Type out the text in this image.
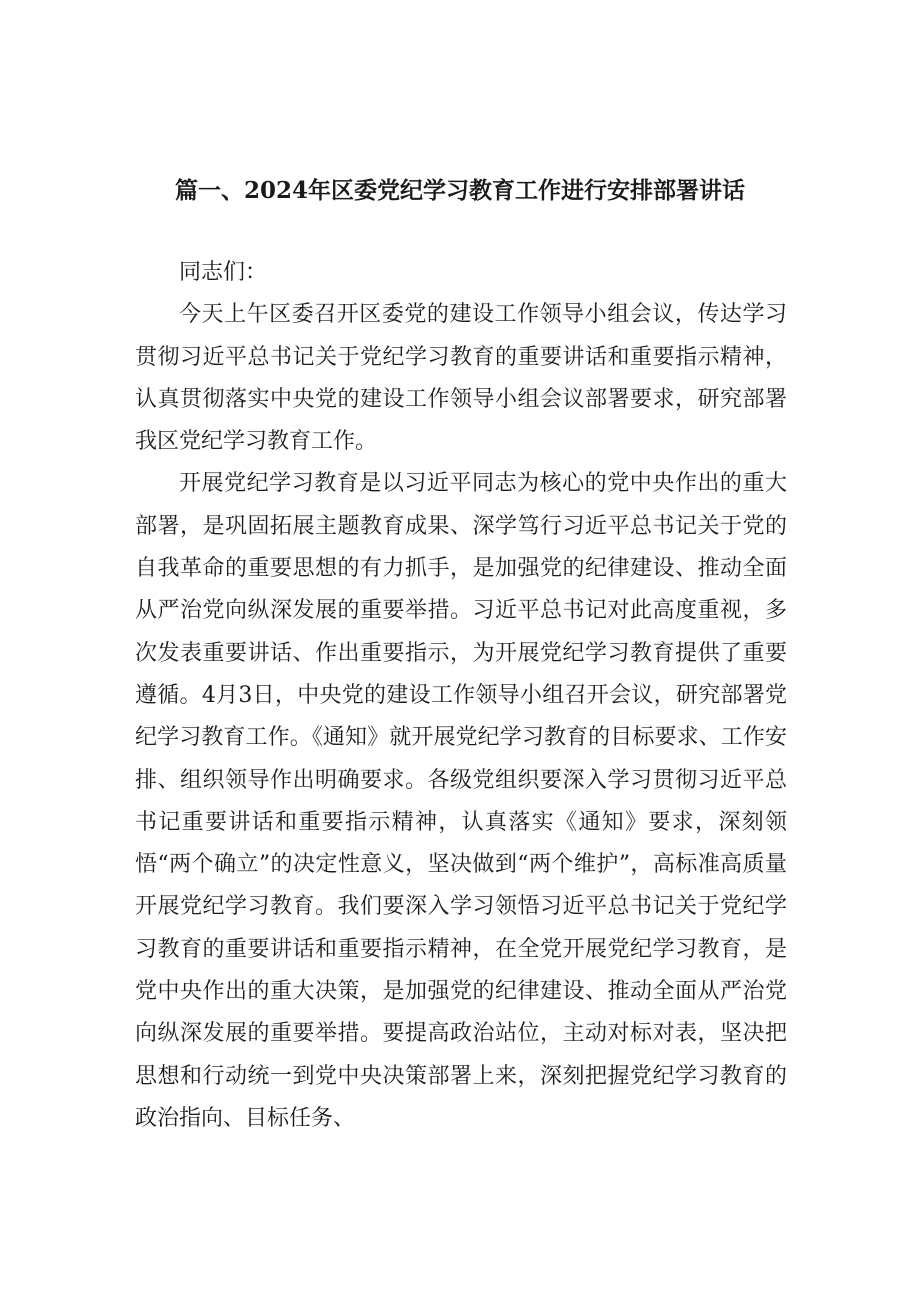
篇一、2024年区委党纪学习教育工作进行安排部署讲话

同志们：

今天上午区委召开区委党的建设工作领导小组会议，传达学习贯彻习近平总书记关于党纪学习教育的重要讲话和重要指示精神，认真贯彻落实中央党的建设工作领导小组会议部署要求，研究部署我区党纪学习教育工作。

开展党纪学习教育是以习近平同志为核心的党中央作出的重大部署，是巩固拓展主题教育成果、深学笃行习近平总书记关于党的自我革命的重要思想的有力抓手，是加强党的纪律建设、推动全面从严治党向纵深发展的重要举措。习近平总书记对此高度重视，多次发表重要讲话、作出重要指示，为开展党纪学习教育提供了重要遵循。4月3日，中央党的建设工作领导小组召开会议，研究部署党纪学习教育工作。《通知》就开展党纪学习教育的目标要求、工作安排、组织领导作出明确要求。各级党组织要深入学习贯彻习近平总书记重要讲话和重要指示精神，认真落实《通知》要求，深刻领悟“两个确立”的决定性意义，坚决做到“两个维护”，高标准高质量开展党纪学习教育。我们要深入学习领悟习近平总书记关于党纪学习教育的重要讲话和重要指示精神，在全党开展党纪学习教育，是党中央作出的重大决策，是加强党的纪律建设、推动全面从严治党向纵深发展的重要举措。要提高政治站位，主动对标对表，坚决把思想和行动统一到党中央决策部署上来，深刻把握党纪学习教育的政治指向、目标任务、
